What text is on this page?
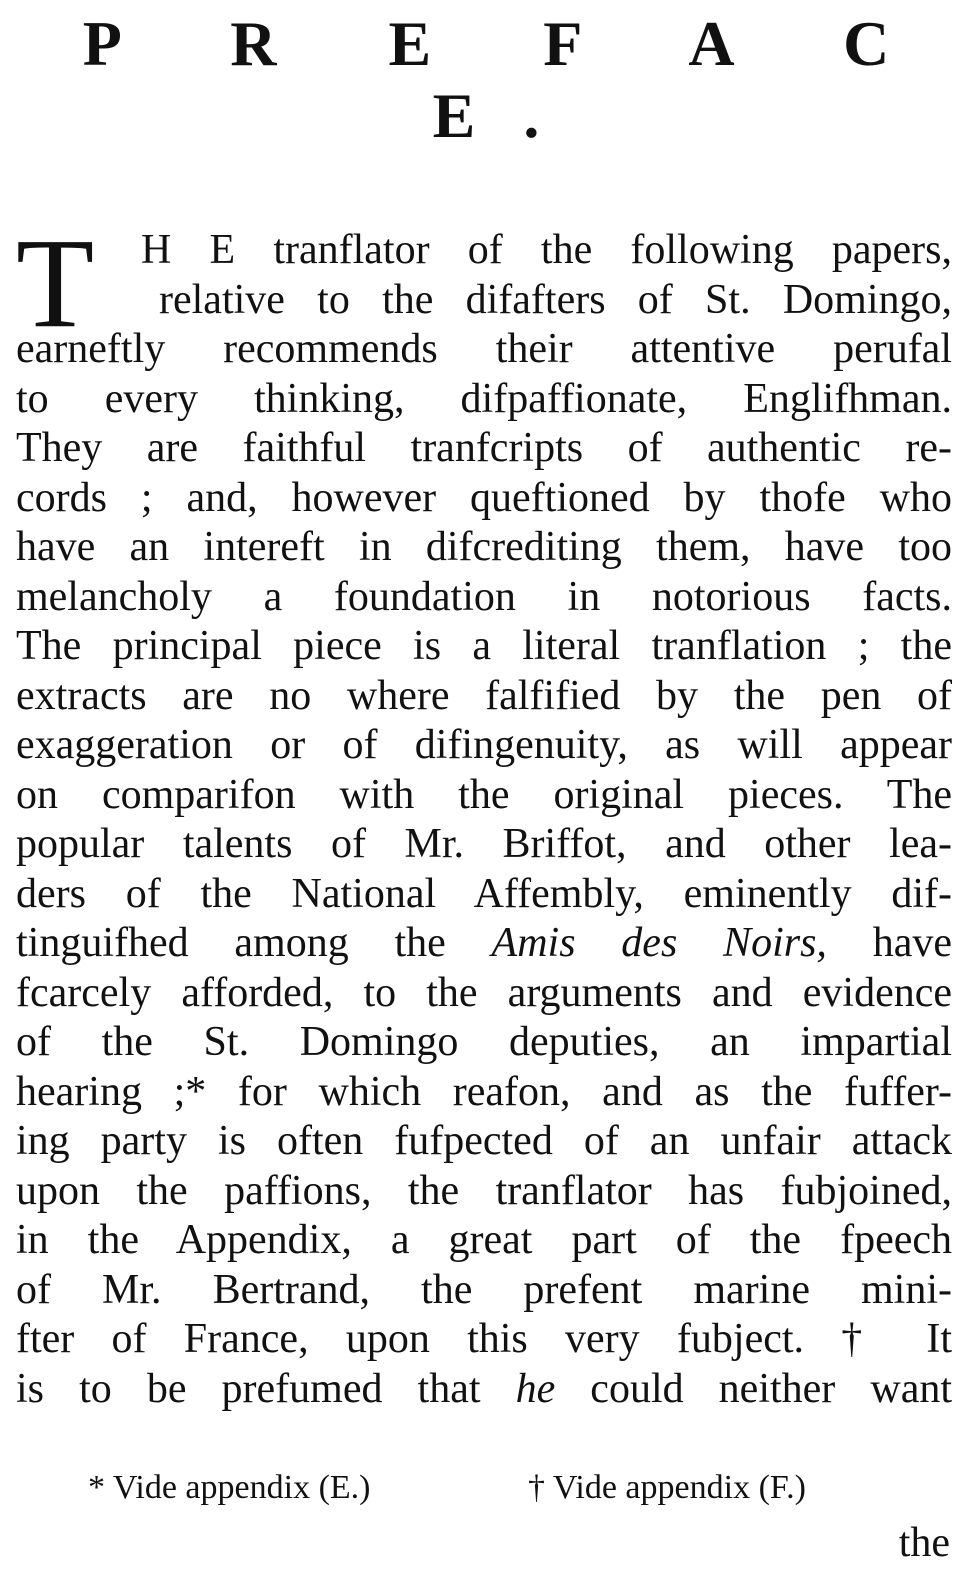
P R E F A C E.
T	H E tranflator of the following papers,
relative to the difafters of St. Domingo,
earneftly recommends their attentive perufal
to every thinking, difpaffionate, Englifhman.
They are faithful tranfcripts of authentic re-
cords ; and, however queftioned by thofe who
have an intereft in difcrediting them, have too
melancholy a foundation in notorious facts.
The principal piece is a literal tranflation ; the
extracts are no where falfified by the pen of
exaggeration or of difingenuity, as will appear
on comparifon with the original pieces. The
popular talents of Mr. Briffot, and other lea-
ders of the National Affembly, eminently dif-
tinguifhed among the Amis des Noirs, have
fcarcely afforded, to the arguments and evidence
of the St. Domingo deputies, an impartial
hearing ;* for which reafon, and as the fuffer-
ing party is often fufpected of an unfair attack
upon the paffions, the tranflator has fubjoined,
in the Appendix, a great part of the fpeech
of Mr. Bertrand, the prefent marine mini-
fter of France, upon this very fubject. † It
is to be prefumed that he could neither want
* Vide appendix (E.)	† Vide appendix (F.)
the
